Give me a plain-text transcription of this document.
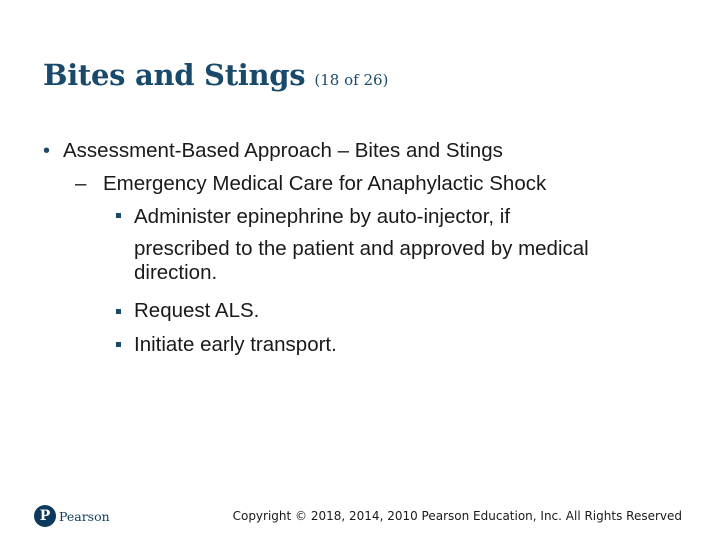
Bites and Stings (18 of 26)
• Assessment-Based Approach – Bites and Stings
– Emergency Medical Care for Anaphylactic Shock
Administer epinephrine by auto-injector, if
prescribed to the patient and approved by medical
direction.
Request ALS.
Initiate early transport.
P Pearson	Copyright © 2018, 2014, 2010 Pearson Education, Inc. All Rights Reserved
